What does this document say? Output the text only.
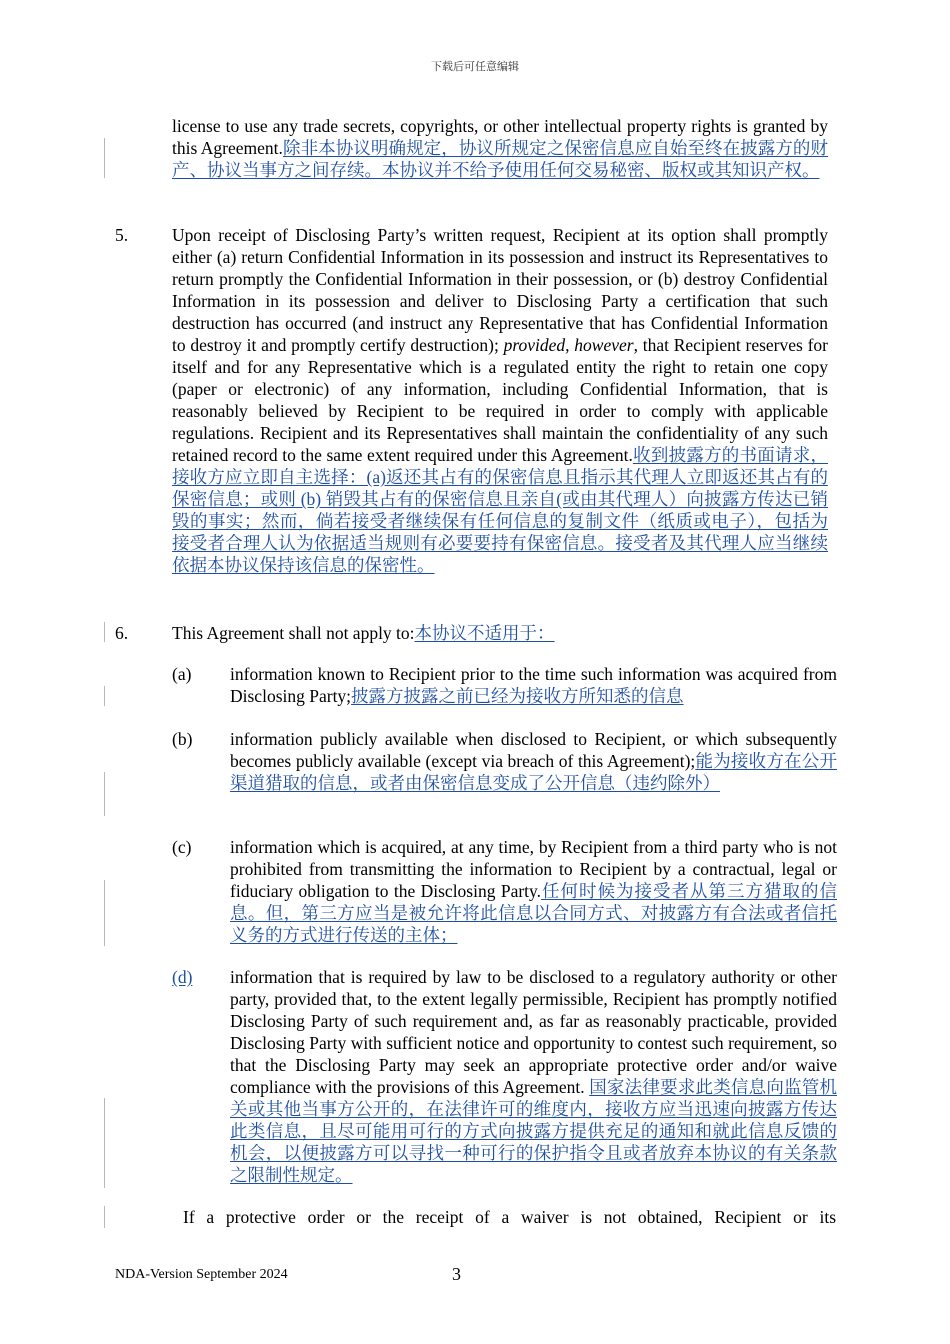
下载后可任意编辑

license to use any trade secrets, copyrights, or other intellectual property rights is granted by this Agreement.除非本协议明确规定，协议所规定之保密信息应自始至终在披露方的财产、协议当事方之间存续。本协议并不给予使用任何交易秘密、版权或其知识产权。

5.	Upon receipt of Disclosing Party’s written request, Recipient at its option shall promptly either (a) return Confidential Information in its possession and instruct its Representatives to return promptly the Confidential Information in their possession, or (b) destroy Confidential Information in its possession and deliver to Disclosing Party a certification that such destruction has occurred (and instruct any Representative that has Confidential Information to destroy it and promptly certify destruction); provided, however, that Recipient reserves for itself and for any Representative which is a regulated entity the right to retain one copy (paper or electronic) of any information, including Confidential Information, that is reasonably believed by Recipient to be required in order to comply with applicable regulations. Recipient and its Representatives shall maintain the confidentiality of any such retained record to the same extent required under this Agreement.收到披露方的书面请求，接收方应立即自主选择：(a)返还其占有的保密信息且指示其代理人立即返还其占有的保密信息；或则 (b) 销毁其占有的保密信息且亲自(或由其代理人）向披露方传达已销毁的事实；然而，倘若接受者继续保有任何信息的复制文件（纸质或电子），包括为接受者合理人认为依据适当规则有必要要持有保密信息。接受者及其代理人应当继续依据本协议保持该信息的保密性。

6.	This Agreement shall not apply to:本协议不适用于：

(a) information known to Recipient prior to the time such information was acquired from Disclosing Party;披露方披露之前已经为接收方所知悉的信息

(b) information publicly available when disclosed to Recipient, or which subsequently becomes publicly available (except via breach of this Agreement);能为接收方在公开渠道猎取的信息，或者由保密信息变成了公开信息（违约除外）

(c) information which is acquired, at any time, by Recipient from a third party who is not prohibited from transmitting the information to Recipient by a contractual, legal or fiduciary obligation to the Disclosing Party.任何时候为接受者从第三方猎取的信息。但，第三方应当是被允许将此信息以合同方式、对披露方有合法或者信托义务的方式进行传送的主体；

(d)	information that is required by law to be disclosed to a regulatory authority or other party, provided that, to the extent legally permissible, Recipient has promptly notified Disclosing Party of such requirement and, as far as reasonably practicable, provided Disclosing Party with sufficient notice and opportunity to contest such requirement, so that the Disclosing Party may seek an appropriate protective order and/or waive compliance with the provisions of this Agreement. 国家法律要求此类信息向监管机关或其他当事方公开的，在法律许可的维度内，接收方应当迅速向披露方传达此类信息，且尽可能用可行的方式向披露方提供充足的通知和就此信息反馈的机会，以便披露方可以寻找一种可行的保护指令且或者放弃本协议的有关条款之限制性规定。

If a protective order or the receipt of a waiver is not obtained, Recipient or its

NDA-Version September 2024	3
